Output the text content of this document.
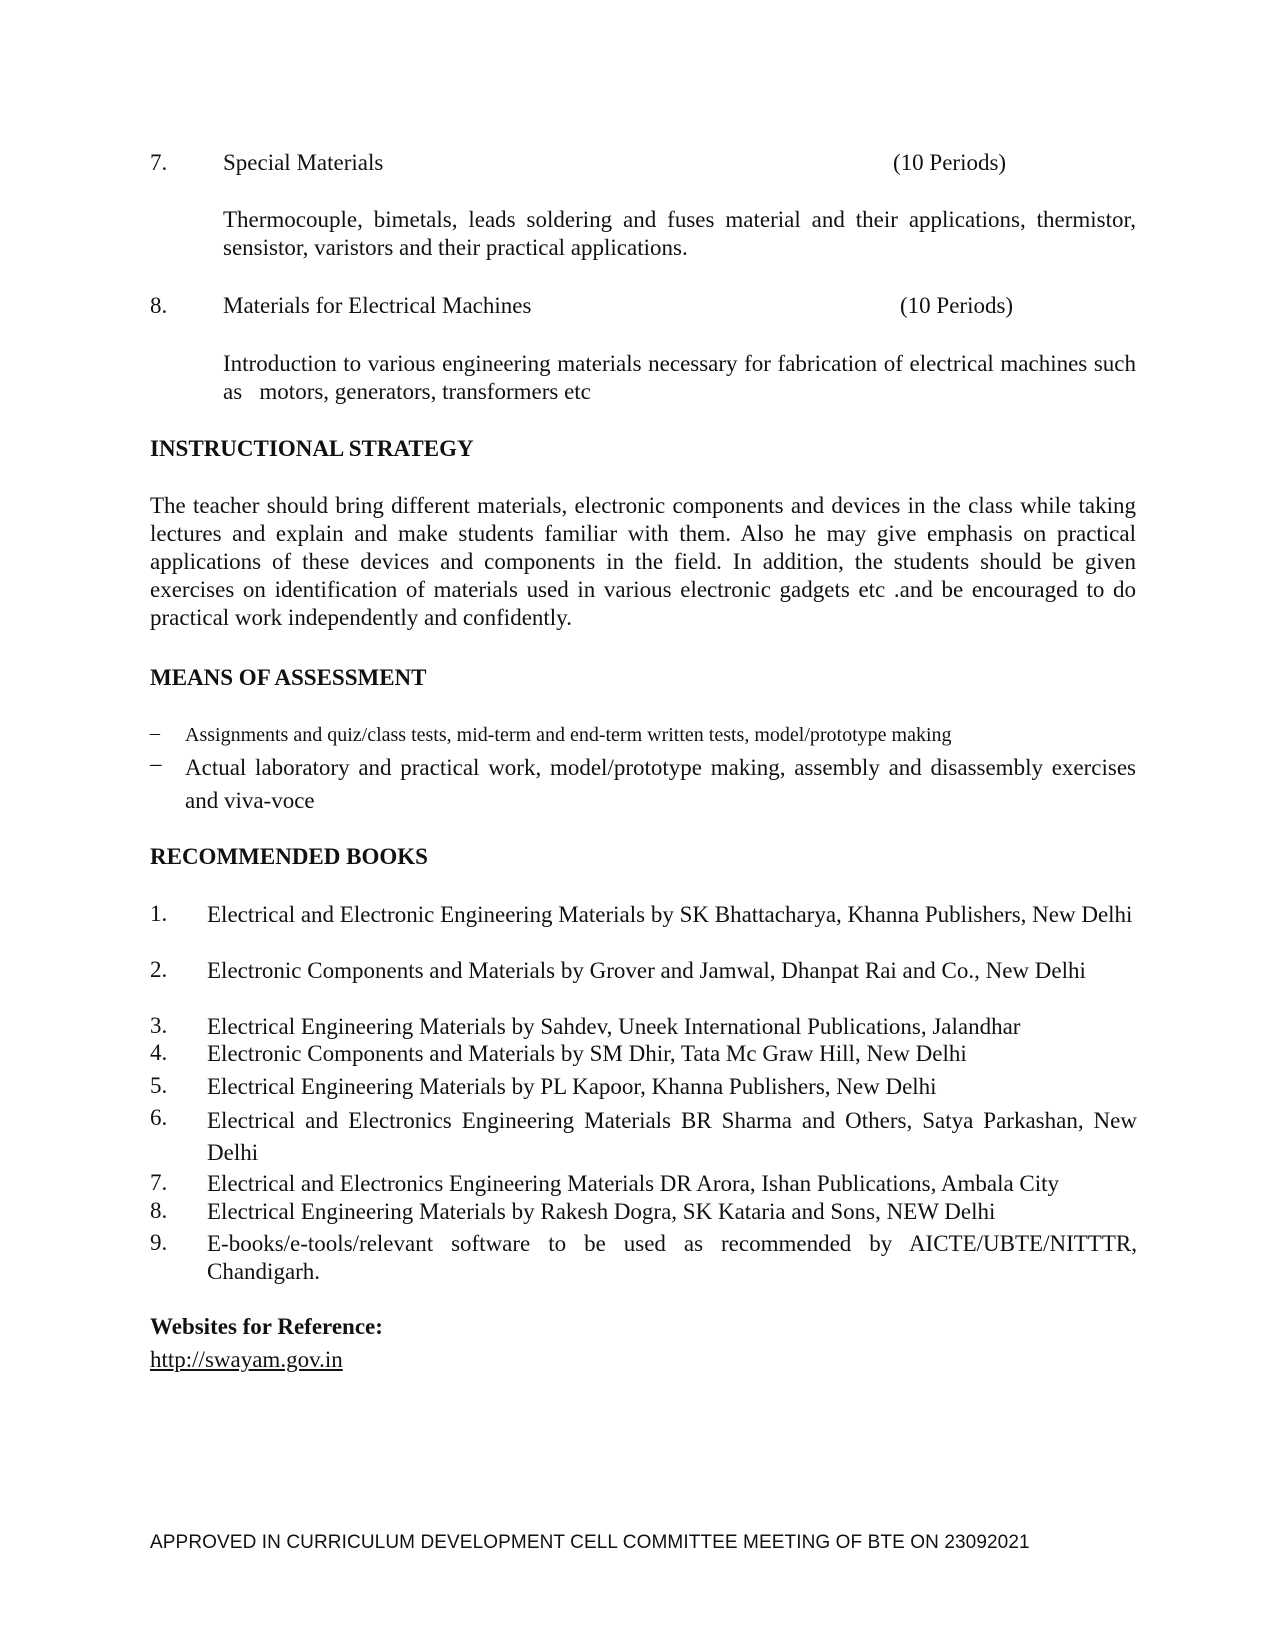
7. Special Materials	(10 Periods)
Thermocouple, bimetals, leads soldering and fuses material and their applications, thermistor, sensistor, varistors and their practical applications.
8. Materials for Electrical Machines	(10 Periods)
Introduction to various engineering materials necessary for fabrication of electrical machines such   as   motors, generators, transformers etc
INSTRUCTIONAL STRATEGY
The teacher should bring different materials, electronic components and devices in the class while taking lectures and explain and make students familiar with them. Also he may give emphasis on practical applications of these devices and components in the field. In addition, the students should be given exercises on identification of materials used in various electronic gadgets etc .and be encouraged to do practical work independently and confidently.
MEANS OF ASSESSMENT
– Assignments and quiz/class tests, mid-term and end-term written tests, model/prototype making
– Actual laboratory and practical work, model/prototype making, assembly and disassembly exercises and viva-voce
RECOMMENDED BOOKS
1. Electrical and Electronic Engineering Materials by SK Bhattacharya, Khanna Publishers, New Delhi
2. Electronic Components and Materials by Grover and Jamwal, Dhanpat Rai and Co., New Delhi
3. Electrical Engineering Materials by Sahdev, Uneek International Publications, Jalandhar
4. Electronic Components and Materials by SM Dhir, Tata Mc Graw Hill, New Delhi
5. Electrical Engineering Materials by PL Kapoor, Khanna Publishers, New Delhi
6. Electrical and Electronics Engineering Materials BR Sharma and Others, Satya Parkashan, New Delhi
7. Electrical and Electronics Engineering Materials DR Arora, Ishan Publications, Ambala City
8. Electrical Engineering Materials by Rakesh Dogra, SK Kataria and Sons, NEW Delhi
9. E-books/e-tools/relevant software to be used as recommended by AICTE/UBTE/NITTTR, Chandigarh.
Websites for Reference:
http://swayam.gov.in
APPROVED IN CURRICULUM DEVELOPMENT CELL COMMITTEE MEETING OF BTE ON 23092021
